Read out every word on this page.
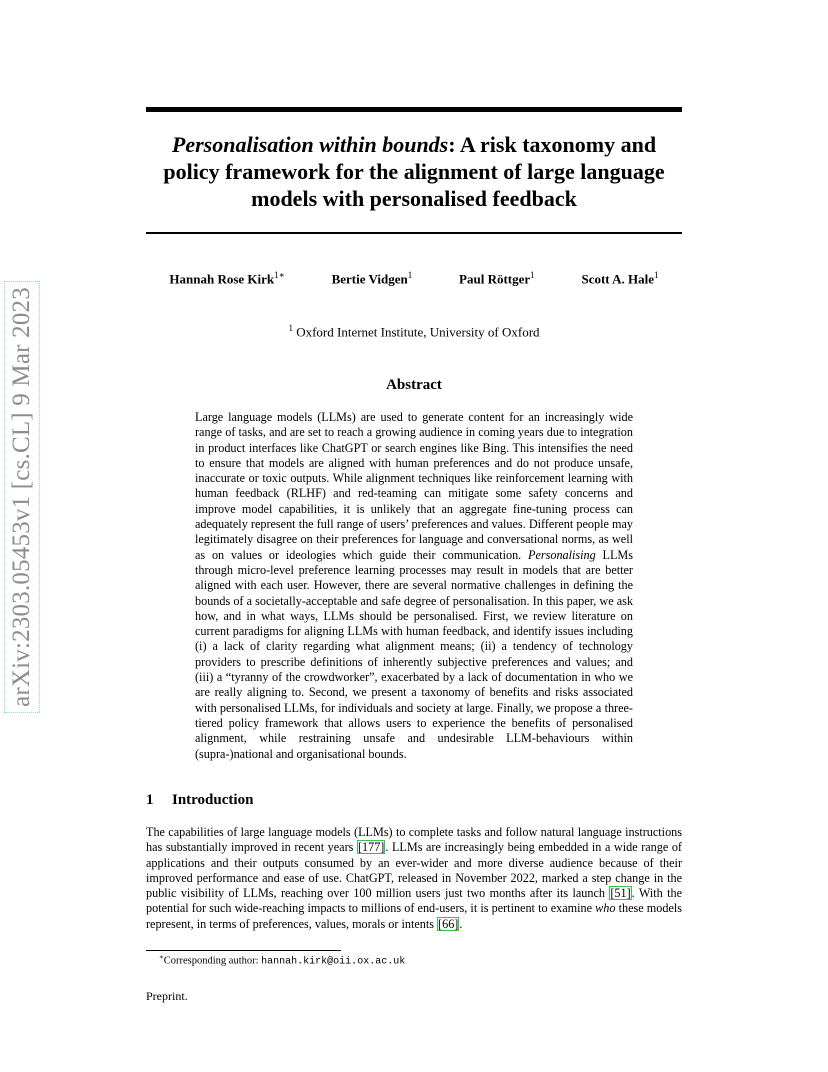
arXiv:2303.05453v1 [cs.CL] 9 Mar 2023
Personalisation within bounds: A risk taxonomy and policy framework for the alignment of large language models with personalised feedback
Hannah Rose Kirk$^{1∗}$	Bertie Vidgen$^1$	Paul Röttger$^1$	Scott A. Hale$^1$
$^1$ Oxford Internet Institute, University of Oxford
Abstract
Large language models (LLMs) are used to generate content for an increasingly wide range of tasks, and are set to reach a growing audience in coming years due to integration in product interfaces like ChatGPT or search engines like Bing. This intensifies the need to ensure that models are aligned with human preferences and do not produce unsafe, inaccurate or toxic outputs. While alignment techniques like reinforcement learning with human feedback (RLHF) and red-teaming can mitigate some safety concerns and improve model capabilities, it is unlikely that an aggregate fine-tuning process can adequately represent the full range of users’ preferences and values. Different people may legitimately disagree on their preferences for language and conversational norms, as well as on values or ideologies which guide their communication. Personalising LLMs through micro-level preference learning processes may result in models that are better aligned with each user. However, there are several normative challenges in defining the bounds of a societally-acceptable and safe degree of personalisation. In this paper, we ask how, and in what ways, LLMs should be personalised. First, we review literature on current paradigms for aligning LLMs with human feedback, and identify issues including (i) a lack of clarity regarding what alignment means; (ii) a tendency of technology providers to prescribe definitions of inherently subjective preferences and values; and (iii) a “tyranny of the crowdworker”, exacerbated by a lack of documentation in who we are really aligning to. Second, we present a taxonomy of benefits and risks associated with personalised LLMs, for individuals and society at large. Finally, we propose a three-tiered policy framework that allows users to experience the benefits of personalised alignment, while restraining unsafe and undesirable LLM-behaviours within (supra-)national and organisational bounds.
1 Introduction
The capabilities of large language models (LLMs) to complete tasks and follow natural language instructions has substantially improved in recent years [177]. LLMs are increasingly being embedded in a wide range of applications and their outputs consumed by an ever-wider and more diverse audience because of their improved performance and ease of use. ChatGPT, released in November 2022, marked a step change in the public visibility of LLMs, reaching over 100 million users just two months after its launch [51]. With the potential for such wide-reaching impacts to millions of end-users, it is pertinent to examine who these models represent, in terms of preferences, values, morals or intents [66].
∗Corresponding author: hannah.kirk@oii.ox.ac.uk
Preprint.
